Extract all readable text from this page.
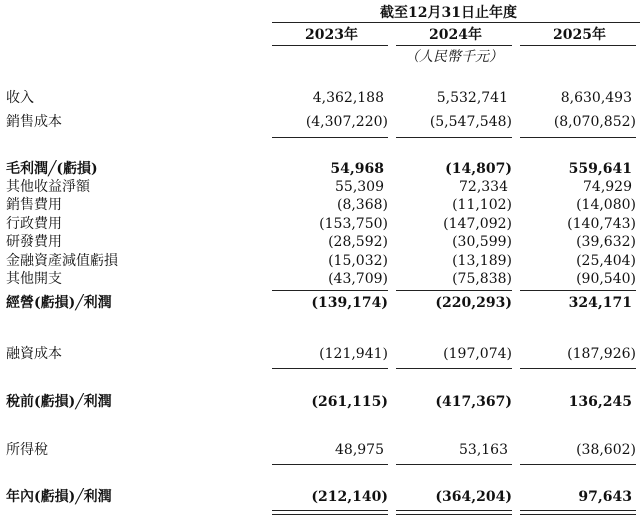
截至12月31日止年度
2023年	2024年	2025年
（人民幣千元）
收入	4,362,188	5,532,741	8,630,493
銷售成本	(4,307,220)	(5,547,548)	(8,070,852)
毛利潤╱(虧損)	54,968	(14,807)	559,641
其他收益淨額	55,309	72,334	74,929
銷售費用	(8,368)	(11,102)	(14,080)
行政費用	(153,750)	(147,092)	(140,743)
研發費用	(28,592)	(30,599)	(39,632)
金融資產減值虧損	(15,032)	(13,189)	(25,404)
其他開支	(43,709)	(75,838)	(90,540)
經營(虧損)╱利潤	(139,174)	(220,293)	324,171
融資成本	(121,941)	(197,074)	(187,926)
稅前(虧損)╱利潤	(261,115)	(417,367)	136,245
所得稅	48,975	53,163	(38,602)
年內(虧損)╱利潤	(212,140)	(364,204)	97,643
